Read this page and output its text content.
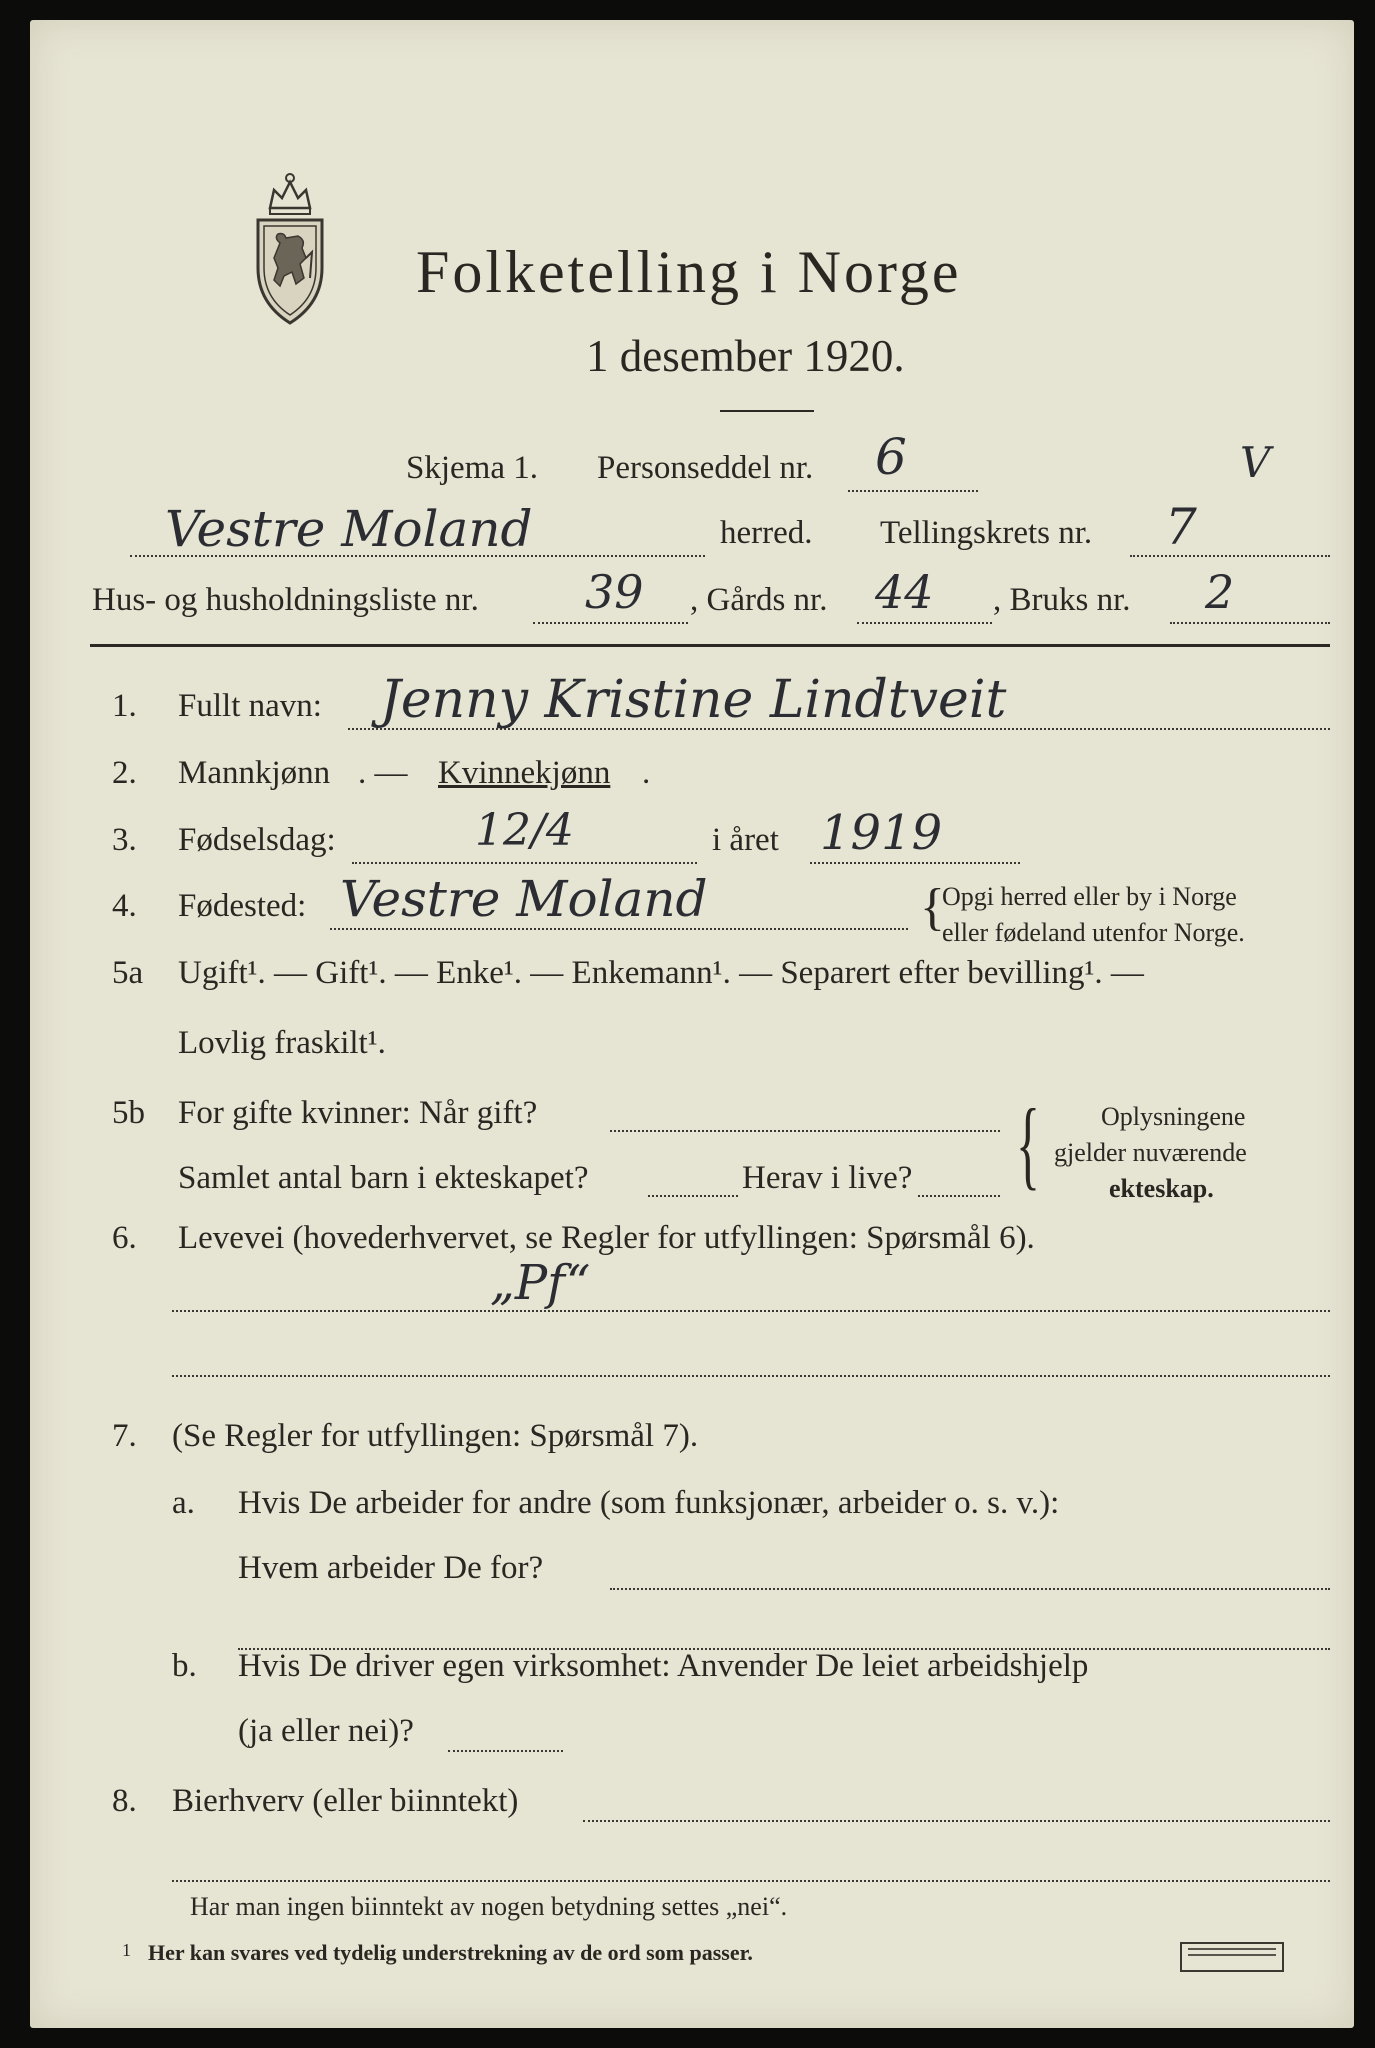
Folketelling i Norge
1 desember 1920.
Skjema 1. Personseddel nr. 6	V
Vestre Moland	herred. Tellingskrets nr. 7
Hus- og husholdningsliste nr. 39 , Gårds nr. 44 , Bruks nr. 2
1. Fullt navn: Jenny Kristine Lindtveit
2. Mannkjønn . — Kvinnekjønn .
3. Fødselsdag:	12/4	i året 1919
4. Fødested: Vestre Moland	{
Opgi herred eller by i Norge
eller fødeland utenfor Norge.
5a Ugift¹. — Gift¹. — Enke¹. — Enkemann¹. — Separert efter bevilling¹. —
Lovlig fraskilt¹.
5b For gifte kvinner: Når gift?
Samlet antal barn i ekteskapet?	Herav i live? { Oplysningene
gjelder nuværende
ekteskap.
6. Levevei (hovederhvervet, se Regler for utfyllingen: Spørsmål 6).
„Pf“
7. (Se Regler for utfyllingen: Spørsmål 7).
a. Hvis De arbeider for andre (som funksjonær, arbeider o. s. v.):
Hvem arbeider De for?
b. Hvis De driver egen virksomhet: Anvender De leiet arbeidshjelp
(ja eller nei)?
8. Bierhverv (eller biinntekt)
Har man ingen biinntekt av nogen betydning settes „nei“.
1 Her kan svares ved tydelig understrekning av de ord som passer.
